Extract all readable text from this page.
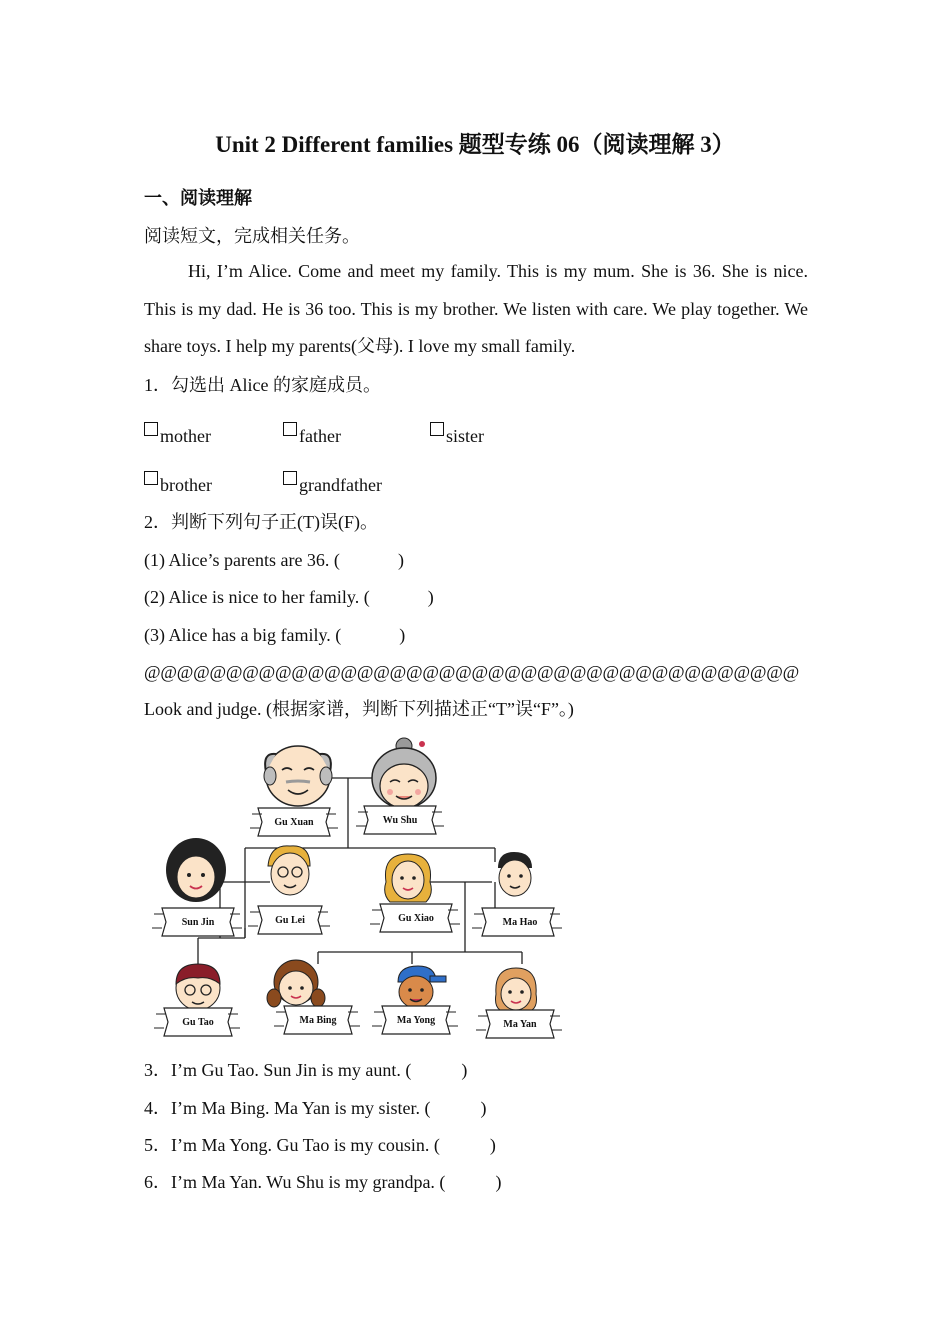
Unit 2 Different families 题型专练 06（阅读理解 3）
一、阅读理解
阅读短文，完成相关任务。
Hi, I’m Alice. Come and meet my family. This is my mum. She is 36. She is nice. This is my dad. He is 36 too. This is my brother. We listen with care. We play together. We share toys. I help my parents(父母). I love my small family.
1．勾选出 Alice 的家庭成员。
mother	father	sister
brother	grandfather
2．判断下列句子正(T)误(F)。
(1) Alice’s parents are 36. (	)
(2) Alice is nice to her family. (	)
(3) Alice has a big family. (	)
@@@@@@@@@@@@@@@@@@@@@@@@@@@@@@@@@@@@@@@@
Look and judge. (根据家谱，判断下列描述正“T”误“F”。)
Gu Xuan	Wu Shu
Sun Jin	Gu Lei	Gu Xiao	Ma Hao
Gu Tao	Ma Bing	Ma Yong	Ma Yan
3．I’m Gu Tao. Sun Jin is my aunt. (	)
4．I’m Ma Bing. Ma Yan is my sister. (	)
5．I’m Ma Yong. Gu Tao is my cousin. (	)
6．I’m Ma Yan. Wu Shu is my grandpa. (	)
